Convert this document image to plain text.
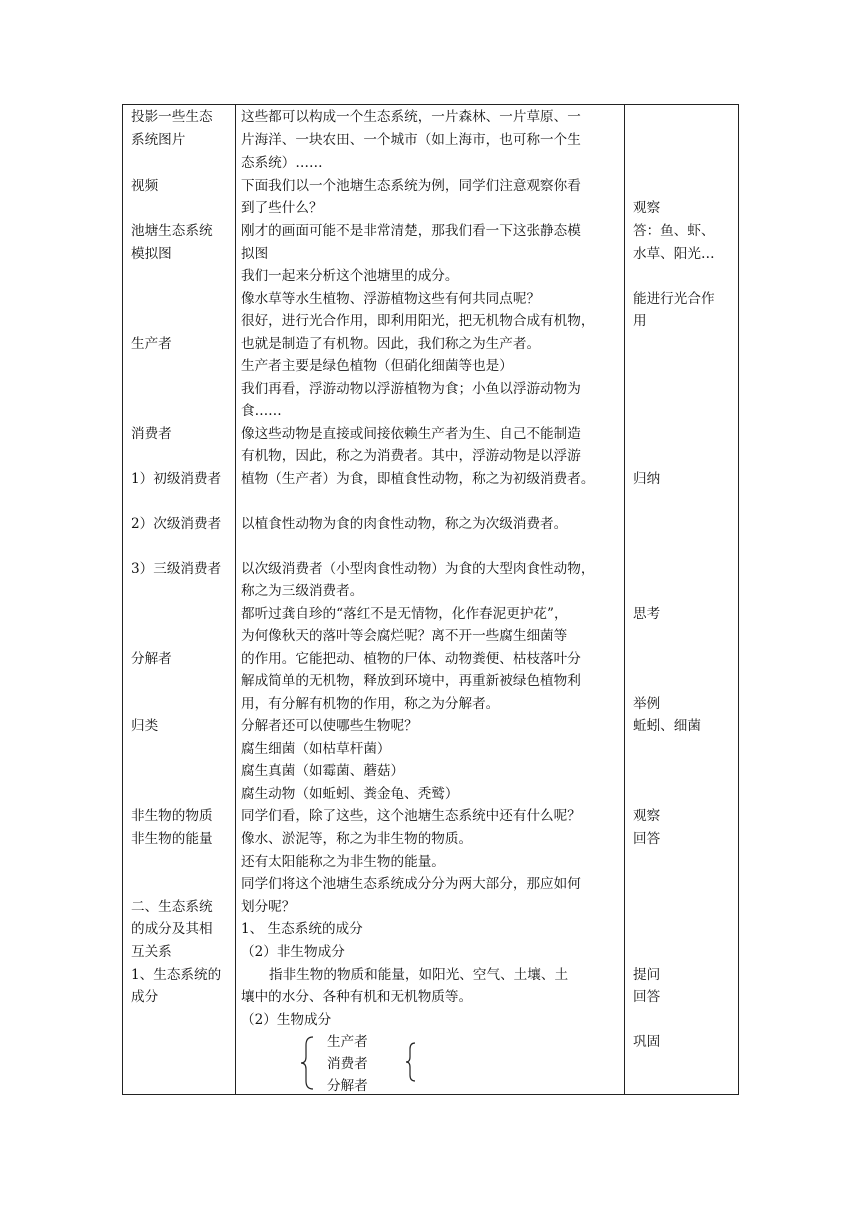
投影一些生态
系统图片
视频
池塘生态系统
模拟图
生产者
消费者
1）初级消费者
2）次级消费者
3）三级消费者
分解者
归类
非生物的物质
非生物的能量
二、生态系统
的成分及其相
互关系
1、生态系统的
成分
这些都可以构成一个生态系统，一片森林、一片草原、一
片海洋、一块农田、一个城市（如上海市，也可称一个生
态系统）……
下面我们以一个池塘生态系统为例，同学们注意观察你看
到了些什么？
刚才的画面可能不是非常清楚，那我们看一下这张静态模
拟图
我们一起来分析这个池塘里的成分。
像水草等水生植物、浮游植物这些有何共同点呢？
很好，进行光合作用，即利用阳光，把无机物合成有机物，
也就是制造了有机物。因此，我们称之为生产者。
生产者主要是绿色植物（但硝化细菌等也是）
我们再看，浮游动物以浮游植物为食；小鱼以浮游动物为
食……
像这些动物是直接或间接依赖生产者为生、自己不能制造
有机物，因此，称之为消费者。其中，浮游动物是以浮游
植物（生产者）为食，即植食性动物，称之为初级消费者。
以植食性动物为食的肉食性动物，称之为次级消费者。
以次级消费者（小型肉食性动物）为食的大型肉食性动物，
称之为三级消费者。
都听过龚自珍的“落红不是无情物，化作春泥更护花”，
为何像秋天的落叶等会腐烂呢？离不开一些腐生细菌等
的作用。它能把动、植物的尸体、动物粪便、枯枝落叶分
解成简单的无机物，释放到环境中，再重新被绿色植物利
用，有分解有机物的作用，称之为分解者。
分解者还可以使哪些生物呢？
腐生细菌（如枯草杆菌）
腐生真菌（如霉菌、蘑菇）
腐生动物（如蚯蚓、粪金龟、秃鹫）
同学们看，除了这些，这个池塘生态系统中还有什么呢？
像水、淤泥等，称之为非生物的物质。
还有太阳能称之为非生物的能量。
同学们将这个池塘生态系统成分分为两大部分，那应如何
划分呢？
1、 生态系统的成分
（2）非生物成分
指非生物的物质和能量，如阳光、空气、土壤、土
壤中的水分、各种有机和无机物质等。
（2）生物成分
生产者
消费者
分解者
观察
答：鱼、虾、
水草、阳光…
能进行光合作
用
归纳
思考
举例
蚯蚓、细菌
观察
回答
提问
回答
巩固
